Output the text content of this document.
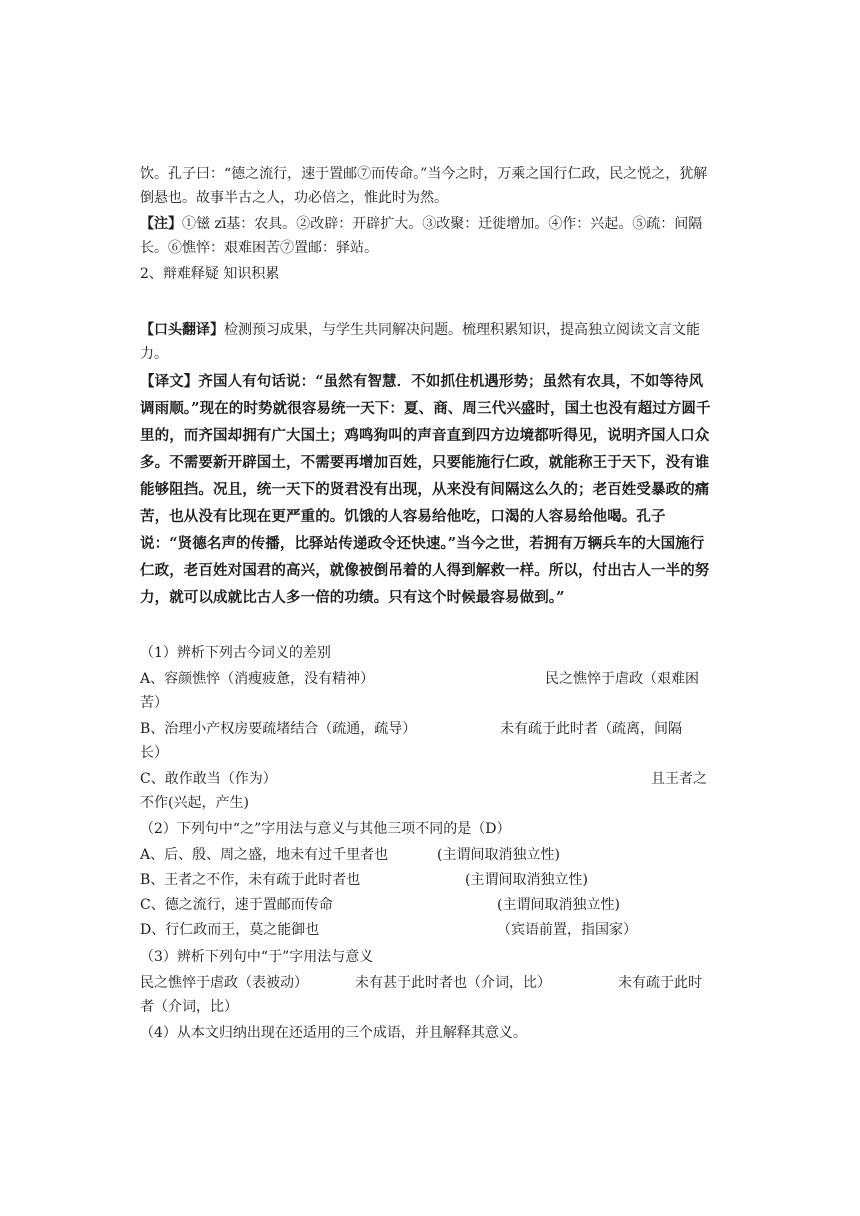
饮。孔子曰：“德之流行，速于置邮⑦而传命。”当今之时，万乘之国行仁政，民之悦之，犹解倒悬也。故事半古之人，功必倍之，惟此时为然。

【注】①镃 zī基：农具。②改辟：开辟扩大。③改聚：迁徙增加。④作：兴起。⑤疏：间隔长。⑥憔悴：艰难困苦⑦置邮：驿站。

2、辩难释疑 知识积累

【口头翻译】检测预习成果，与学生共同解决问题。梳理积累知识，提高独立阅读文言文能力。

【译文】齐国人有句话说：“虽然有智慧．不如抓住机遇形势；虽然有农具，不如等待风调雨顺。”现在的时势就很容易统一天下：夏、商、周三代兴盛时，国土也没有超过方圆千里的，而齐国却拥有广大国土；鸡鸣狗叫的声音直到四方边境都听得见，说明齐国人口众多。不需要新开辟国土，不需要再增加百姓，只要能施行仁政，就能称王于天下，没有谁能够阻挡。况且，统一天下的贤君没有出现，从来没有间隔这么久的；老百姓受暴政的痛苦，也从没有比现在更严重的。饥饿的人容易给他吃，口渴的人容易给他喝。孔子说：“贤德名声的传播，比驿站传递政令还快速。”当今之世，若拥有万辆兵车的大国施行仁政，老百姓对国君的高兴，就像被倒吊着的人得到解救一样。所以，付出古人一半的努力，就可以成就比古人多一倍的功绩。只有这个时候最容易做到。”

（1）辨析下列古今词义的差别

A、容颜憔悴（消瘦疲惫，没有精神）	民之憔悴于虐政（艰难困

苦）

B、治理小产权房要疏堵结合（疏通，疏导）	未有疏于此时者（疏离，间隔

长）

C、敢作敢当（作为）	且王者之

不作(兴起，产生)

（2）下列句中“之”字用法与意义与其他三项不同的是（D）

A、后、殷、周之盛，地未有过千里者也	(主谓间取消独立性)
B、王者之不作，未有疏于此时者也	(主谓间取消独立性)
C、德之流行，速于置邮而传命	(主谓间取消独立性)
D、行仁政而王，莫之能御也	（宾语前置，指国家）

（3）辨析下列句中“于”字用法与意义

民之憔悴于虐政（表被动）	未有甚于此时者也（介词，比）	未有疏于此时

者（介词，比）

（4）从本文归纳出现在还适用的三个成语，并且解释其意义。
